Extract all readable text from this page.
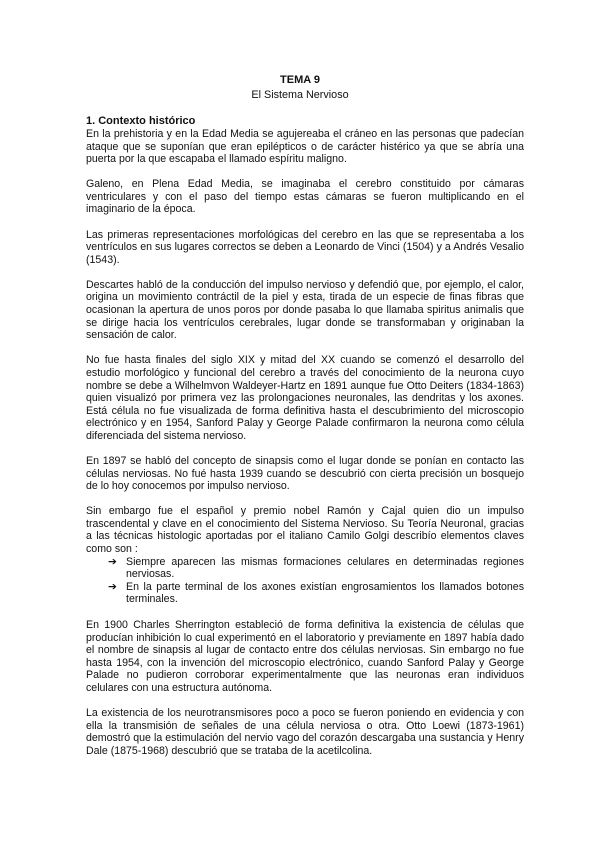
TEMA 9
El Sistema Nervioso
1. Contexto histórico

En la prehistoria y en la Edad Media se agujereaba el cráneo en las personas que padecían ataque que se suponían que eran epilépticos o de carácter histérico ya que se abría una puerta por la que escapaba el llamado espíritu maligno.

Galeno, en Plena Edad Media, se imaginaba el cerebro constituido por cámaras ventriculares y con el paso del tiempo estas cámaras se fueron multiplicando en el imaginario de la época.

Las primeras representaciones morfológicas del cerebro en las que se representaba a los ventrículos en sus lugares correctos se deben a Leonardo de Vinci (1504) y a Andrés Vesalio (1543).

Descartes habló de la conducción del impulso nervioso y defendió que, por ejemplo, el calor, origina un movimiento contráctil de la piel y esta, tirada de un especie de finas fibras que ocasionan la apertura de unos poros por donde pasaba lo que llamaba spiritus animalis que se dirige hacia los ventrículos cerebrales, lugar donde se transformaban y originaban la sensación de calor.

No fue hasta finales del siglo XIX y mitad del XX cuando se comenzó el desarrollo del estudio morfológico y funcional del cerebro a través del conocimiento de la neurona cuyo nombre se debe a Wilhelmvon Waldeyer-Hartz en 1891 aunque fue Otto Deiters (1834-1863) quien visualizó por primera vez las prolongaciones neuronales, las dendritas y los axones. Está célula no fue visualizada de forma definitiva hasta el descubrimiento del microscopio electrónico y en 1954, Sanford Palay y George Palade confirmaron la neurona como célula diferenciada del sistema nervioso.

En 1897 se habló del concepto de sinapsis como el lugar donde se ponían en contacto las células nerviosas. No fué hasta 1939 cuando se descubrió con cierta precisión un bosquejo de lo hoy conocemos por impulso nervioso.

Sin embargo fue el español y premio nobel Ramón y Cajal quien dio un impulso trascendental y clave en el conocimiento del Sistema Nervioso. Su Teoría Neuronal, gracias a las técnicas histologic aportadas por el italiano Camilo Golgi describío elementos claves como son :

➔ Siempre aparecen las mismas formaciones celulares en determinadas regiones nerviosas.
➔ En la parte terminal de los axones existían engrosamientos los llamados botones terminales.

En 1900 Charles Sherrington estableció de forma definitiva la existencia de células que producían inhibición lo cual experimentó en el laboratorio y previamente en 1897 había dado el nombre de sinapsis al lugar de contacto entre dos células nerviosas. Sin embargo no fue hasta 1954, con la invención del microscopio electrónico, cuando Sanford Palay y George Palade no pudieron corroborar experimentalmente que las neuronas eran individuos celulares con una estructura autónoma.

La existencia de los neurotransmisores poco a poco se fueron poniendo en evidencia y con ella la transmisión de señales de una célula nerviosa o otra. Otto Loewi (1873-1961) demostró que la estimulación del nervio vago del corazón descargaba una sustancia y Henry Dale (1875-1968) descubrió que se trataba de la acetilcolina.
